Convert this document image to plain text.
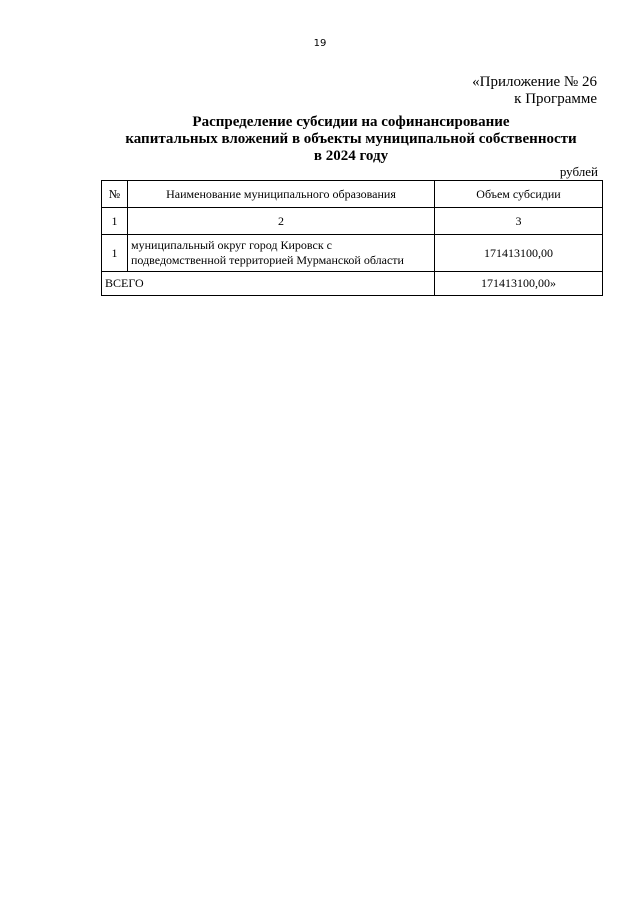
19
«Приложение № 26
к Программе
Распределение субсидии на софинансирование
капитальных вложений в объекты муниципальной собственности
в 2024 году
рублей
№	Наименование муниципального образования	Объем субсидии
1	2	3
1	муниципальный округ город Кировск с
подведомственной территорией Мурманской области	171413100,00
ВСЕГО		171413100,00»
